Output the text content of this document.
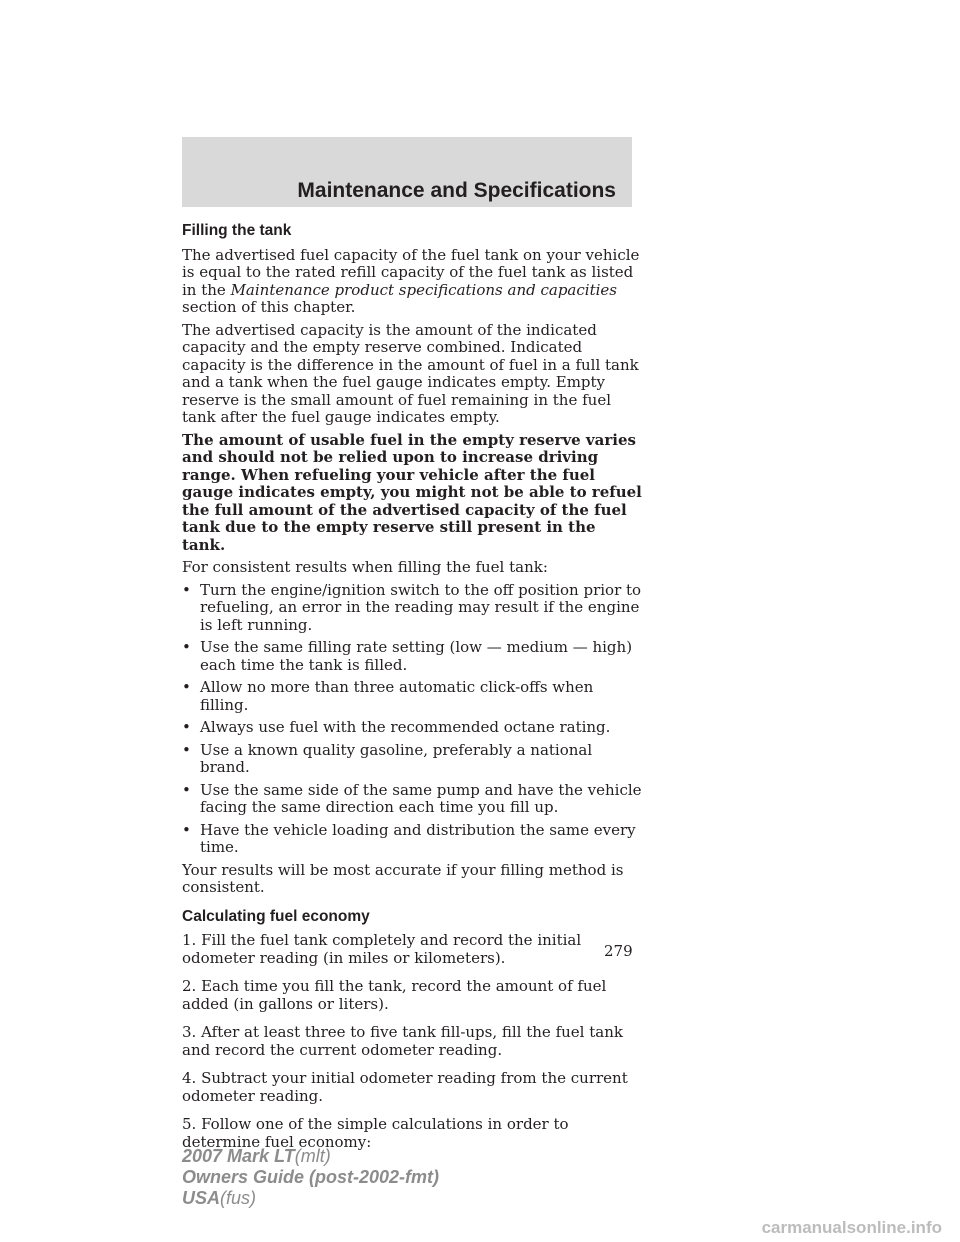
Maintenance and Specifications
Filling the tank

The advertised fuel capacity of the fuel tank on your vehicle is equal to the rated refill capacity of the fuel tank as listed in the Maintenance product specifications and capacities section of this chapter.

The advertised capacity is the amount of the indicated capacity and the empty reserve combined. Indicated capacity is the difference in the amount of fuel in a full tank and a tank when the fuel gauge indicates empty. Empty reserve is the small amount of fuel remaining in the fuel tank after the fuel gauge indicates empty.

The amount of usable fuel in the empty reserve varies and should not be relied upon to increase driving range. When refueling your vehicle after the fuel gauge indicates empty, you might not be able to refuel the full amount of the advertised capacity of the fuel tank due to the empty reserve still present in the tank.

For consistent results when filling the fuel tank:

• Turn the engine/ignition switch to the off position prior to refueling, an error in the reading may result if the engine is left running.
• Use the same filling rate setting (low — medium — high) each time the tank is filled.
• Allow no more than three automatic click-offs when filling.
• Always use fuel with the recommended octane rating.
• Use a known quality gasoline, preferably a national brand.
• Use the same side of the same pump and have the vehicle facing the same direction each time you fill up.
• Have the vehicle loading and distribution the same every time.

Your results will be most accurate if your filling method is consistent.

Calculating fuel economy

1. Fill the fuel tank completely and record the initial odometer reading (in miles or kilometers).

2. Each time you fill the tank, record the amount of fuel added (in gallons or liters).

3. After at least three to five tank fill-ups, fill the fuel tank and record the current odometer reading.

4. Subtract your initial odometer reading from the current odometer reading.

5. Follow one of the simple calculations in order to determine fuel economy:

279
2007 Mark LT(mlt)
Owners Guide (post-2002-fmt)
USA(fus)
carmanualsonline.info
